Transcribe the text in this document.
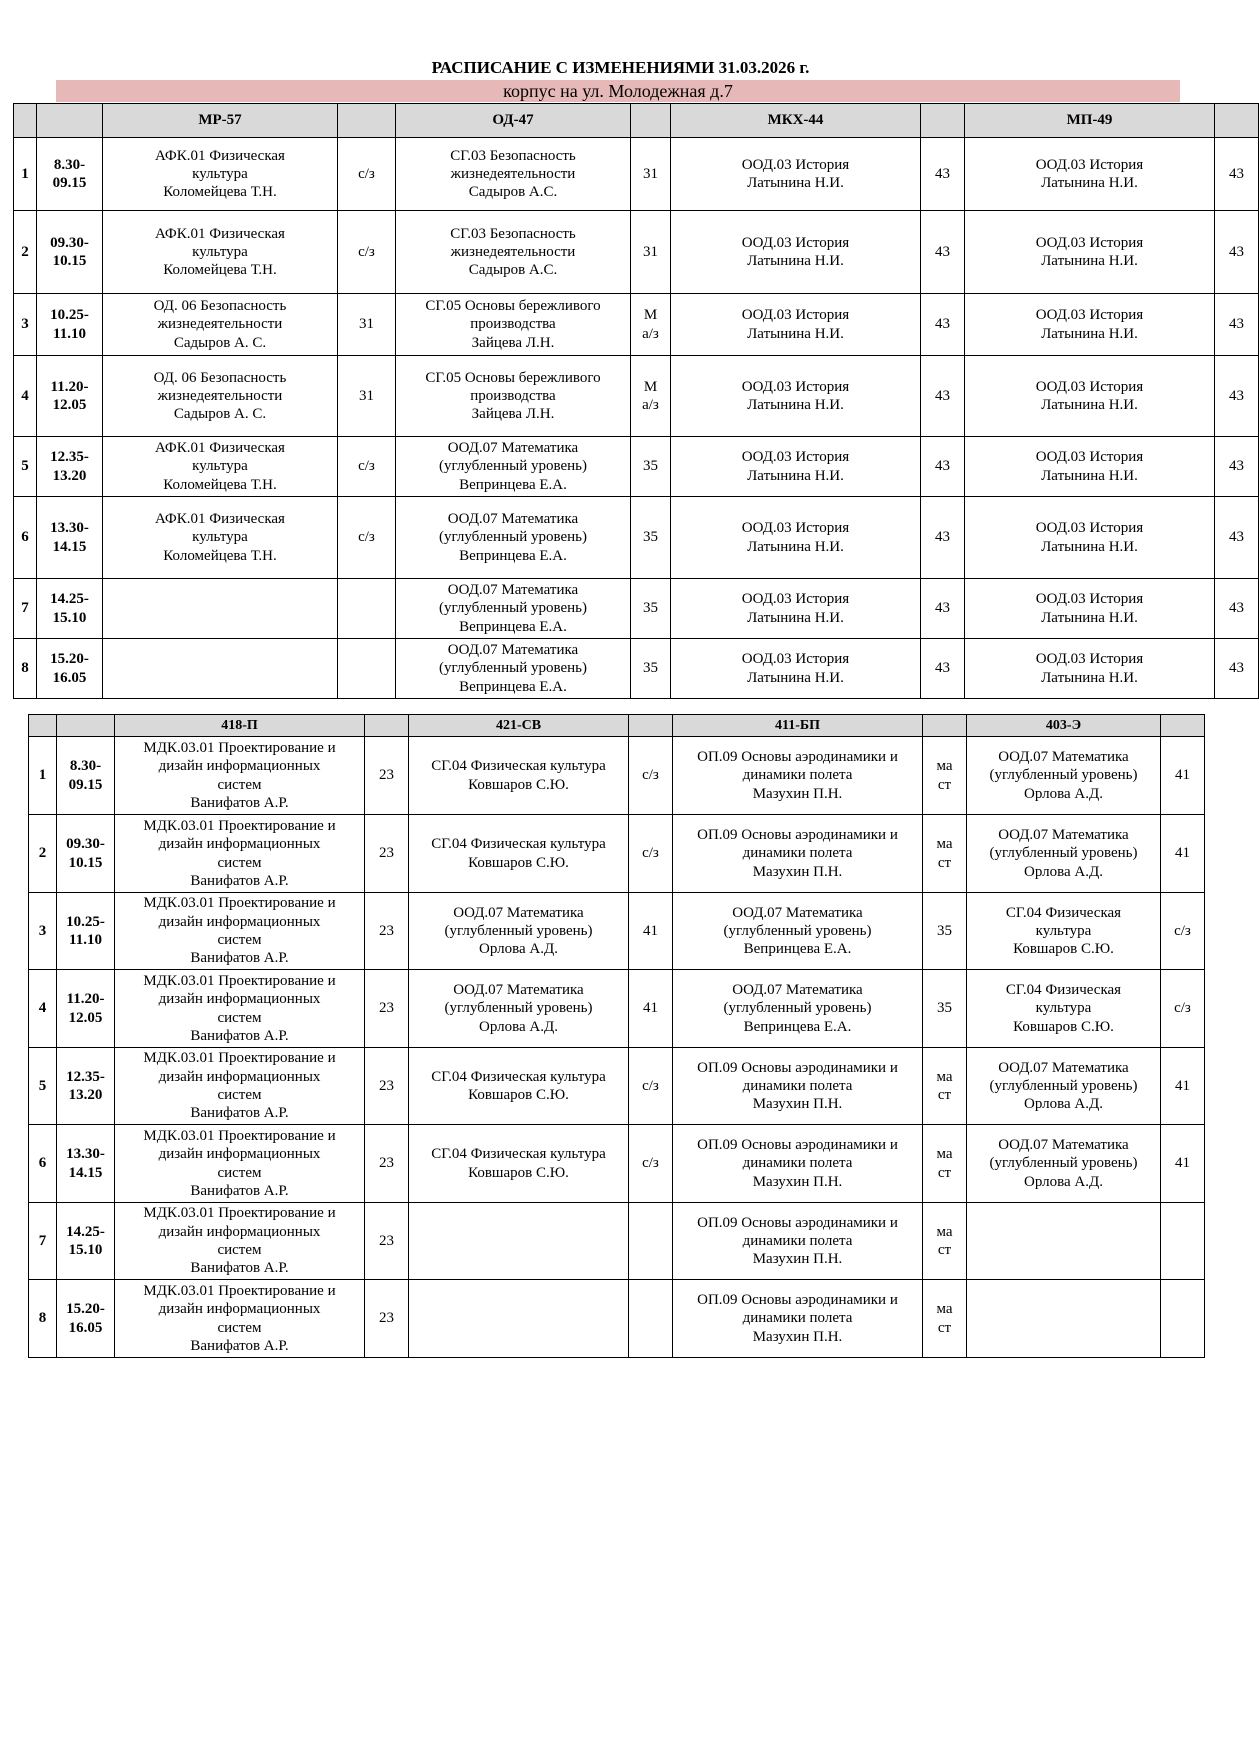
РАСПИСАНИЕ С ИЗМЕНЕНИЯМИ 31.03.2026 г.
корпус на ул. Молодежная д.7
		МР-57		ОД-47		МКХ-44		МП-49	
1	8.30-
09.15	АФК.01 Физическая
культура
Коломейцева Т.Н.	с/з	СГ.03 Безопасность
жизнедеятельности
Садыров А.С.	31	ООД.03 История
Латынина Н.И.	43	ООД.03 История
Латынина Н.И.	43
2	09.30-
10.15	АФК.01 Физическая
культура
Коломейцева Т.Н.	с/з	СГ.03 Безопасность
жизнедеятельности
Садыров А.С.	31	ООД.03 История
Латынина Н.И.	43	ООД.03 История
Латынина Н.И.	43
3	10.25-
11.10	ОД. 06 Безопасность
жизнедеятельности
Садыров А. С.	31	СГ.05 Основы бережливого
производства
Зайцева Л.Н.	М
а/з	ООД.03 История
Латынина Н.И.	43	ООД.03 История
Латынина Н.И.	43
4	11.20-
12.05	ОД. 06 Безопасность
жизнедеятельности
Садыров А. С.	31	СГ.05 Основы бережливого
производства
Зайцева Л.Н.	М
а/з	ООД.03 История
Латынина Н.И.	43	ООД.03 История
Латынина Н.И.	43
5	12.35-
13.20	АФК.01 Физическая
культура
Коломейцева Т.Н.	с/з	ООД.07 Математика
(углубленный уровень)
Вепринцева Е.А.	35	ООД.03 История
Латынина Н.И.	43	ООД.03 История
Латынина Н.И.	43
6	13.30-
14.15	АФК.01 Физическая
культура
Коломейцева Т.Н.	с/з	ООД.07 Математика
(углубленный уровень)
Вепринцева Е.А.	35	ООД.03 История
Латынина Н.И.	43	ООД.03 История
Латынина Н.И.	43
7	14.25-
15.10			ООД.07 Математика
(углубленный уровень)
Вепринцева Е.А.	35	ООД.03 История
Латынина Н.И.	43	ООД.03 История
Латынина Н.И.	43
8	15.20-
16.05			ООД.07 Математика
(углубленный уровень)
Вепринцева Е.А.	35	ООД.03 История
Латынина Н.И.	43	ООД.03 История
Латынина Н.И.	43
		418-П		421-СВ		411-БП		403-Э	
1	8.30-
09.15	МДК.03.01 Проектирование и
дизайн информационных
систем
Ванифатов А.Р.	23	СГ.04 Физическая культура
Ковшаров С.Ю.	с/з	ОП.09 Основы аэродинамики и
динамики полета
Мазухин П.Н.	ма
ст	ООД.07 Математика
(углубленный уровень)
Орлова А.Д.	41
2	09.30-
10.15	МДК.03.01 Проектирование и
дизайн информационных
систем
Ванифатов А.Р.	23	СГ.04 Физическая культура
Ковшаров С.Ю.	с/з	ОП.09 Основы аэродинамики и
динамики полета
Мазухин П.Н.	ма
ст	ООД.07 Математика
(углубленный уровень)
Орлова А.Д.	41
3	10.25-
11.10	МДК.03.01 Проектирование и
дизайн информационных
систем
Ванифатов А.Р.	23	ООД.07 Математика
(углубленный уровень)
Орлова А.Д.	41	ООД.07 Математика
(углубленный уровень)
Вепринцева Е.А.	35	СГ.04 Физическая
культура
Ковшаров С.Ю.	с/з
4	11.20-
12.05	МДК.03.01 Проектирование и
дизайн информационных
систем
Ванифатов А.Р.	23	ООД.07 Математика
(углубленный уровень)
Орлова А.Д.	41	ООД.07 Математика
(углубленный уровень)
Вепринцева Е.А.	35	СГ.04 Физическая
культура
Ковшаров С.Ю.	с/з
5	12.35-
13.20	МДК.03.01 Проектирование и
дизайн информационных
систем
Ванифатов А.Р.	23	СГ.04 Физическая культура
Ковшаров С.Ю.	с/з	ОП.09 Основы аэродинамики и
динамики полета
Мазухин П.Н.	ма
ст	ООД.07 Математика
(углубленный уровень)
Орлова А.Д.	41
6	13.30-
14.15	МДК.03.01 Проектирование и
дизайн информационных
систем
Ванифатов А.Р.	23	СГ.04 Физическая культура
Ковшаров С.Ю.	с/з	ОП.09 Основы аэродинамики и
динамики полета
Мазухин П.Н.	ма
ст	ООД.07 Математика
(углубленный уровень)
Орлова А.Д.	41
7	14.25-
15.10	МДК.03.01 Проектирование и
дизайн информационных
систем
Ванифатов А.Р.	23			ОП.09 Основы аэродинамики и
динамики полета
Мазухин П.Н.	ма
ст		
8	15.20-
16.05	МДК.03.01 Проектирование и
дизайн информационных
систем
Ванифатов А.Р.	23			ОП.09 Основы аэродинамики и
динамики полета
Мазухин П.Н.	ма
ст		
